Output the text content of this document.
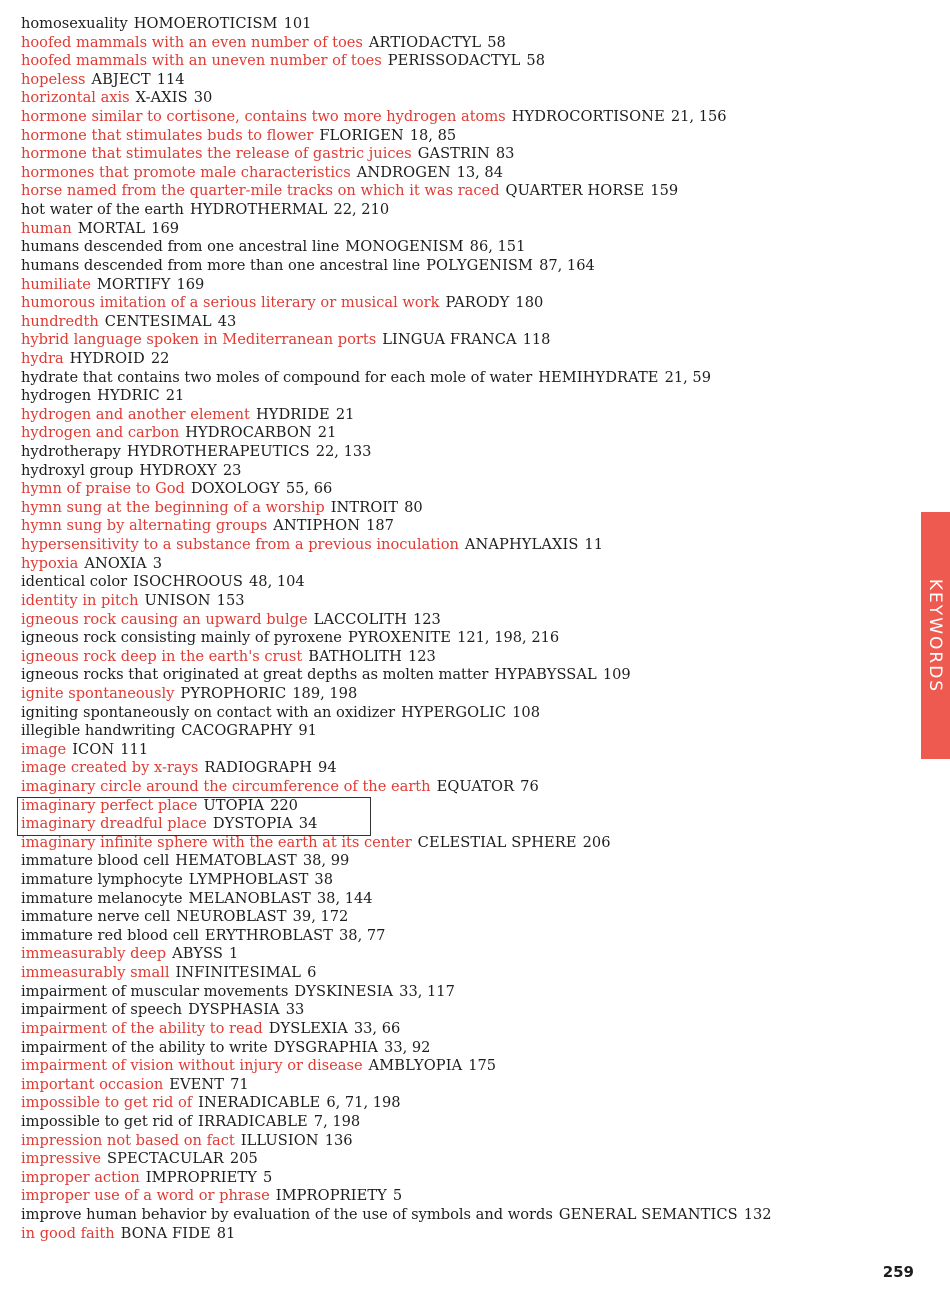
homosexuality HOMOEROTICISM 101
hoofed mammals with an even number of toes ARTIODACTYL 58
hoofed mammals with an uneven number of toes PERISSODACTYL 58
hopeless ABJECT 114
horizontal axis X-AXIS 30
hormone similar to cortisone, contains two more hydrogen atoms HYDROCORTISONE 21, 156
hormone that stimulates buds to flower FLORIGEN 18, 85
hormone that stimulates the release of gastric juices GASTRIN 83
hormones that promote male characteristics ANDROGEN 13, 84
horse named from the quarter-mile tracks on which it was raced QUARTER HORSE 159
hot water of the earth HYDROTHERMAL 22, 210
human MORTAL 169
humans descended from one ancestral line MONOGENISM 86, 151
humans descended from more than one ancestral line POLYGENISM 87, 164
humiliate MORTIFY 169
humorous imitation of a serious literary or musical work PARODY 180
hundredth CENTESIMAL 43
hybrid language spoken in Mediterranean ports LINGUA FRANCA 118
hydra HYDROID 22
hydrate that contains two moles of compound for each mole of water HEMIHYDRATE 21, 59
hydrogen HYDRIC 21
hydrogen and another element HYDRIDE 21
hydrogen and carbon HYDROCARBON 21
hydrotherapy HYDROTHERAPEUTICS 22, 133
hydroxyl group HYDROXY 23
hymn of praise to God DOXOLOGY 55, 66
hymn sung at the beginning of a worship INTROIT 80
hymn sung by alternating groups ANTIPHON 187
hypersensitivity to a substance from a previous inoculation ANAPHYLAXIS 11
hypoxia ANOXIA 3
identical color ISOCHROOUS 48, 104
identity in pitch UNISON 153
igneous rock causing an upward bulge LACCOLITH 123
igneous rock consisting mainly of pyroxene PYROXENITE 121, 198, 216
igneous rock deep in the earth's crust BATHOLITH 123
igneous rocks that originated at great depths as molten matter HYPABYSSAL 109
ignite spontaneously PYROPHORIC 189, 198
igniting spontaneously on contact with an oxidizer HYPERGOLIC 108
illegible handwriting CACOGRAPHY 91
image ICON 111
image created by x-rays RADIOGRAPH 94
imaginary circle around the circumference of the earth EQUATOR 76
imaginary perfect place UTOPIA 220
imaginary dreadful place DYSTOPIA 34
imaginary infinite sphere with the earth at its center CELESTIAL SPHERE 206
immature blood cell HEMATOBLAST 38, 99
immature lymphocyte LYMPHOBLAST 38
immature melanocyte MELANOBLAST 38, 144
immature nerve cell NEUROBLAST 39, 172
immature red blood cell ERYTHROBLAST 38, 77
immeasurably deep ABYSS 1
immeasurably small INFINITESIMAL 6
impairment of muscular movements DYSKINESIA 33, 117
impairment of speech DYSPHASIA 33
impairment of the ability to read DYSLEXIA 33, 66
impairment of the ability to write DYSGRAPHIA 33, 92
impairment of vision without injury or disease AMBLYOPIA 175
important occasion EVENT 71
impossible to get rid of INERADICABLE 6, 71, 198
impossible to get rid of IRRADICABLE 7, 198
impression not based on fact ILLUSION 136
impressive SPECTACULAR 205
improper action IMPROPRIETY 5
improper use of a word or phrase IMPROPRIETY 5
improve human behavior by evaluation of the use of symbols and words GENERAL SEMANTICS 132
in good faith BONA FIDE 81
KEYWORDS
259
